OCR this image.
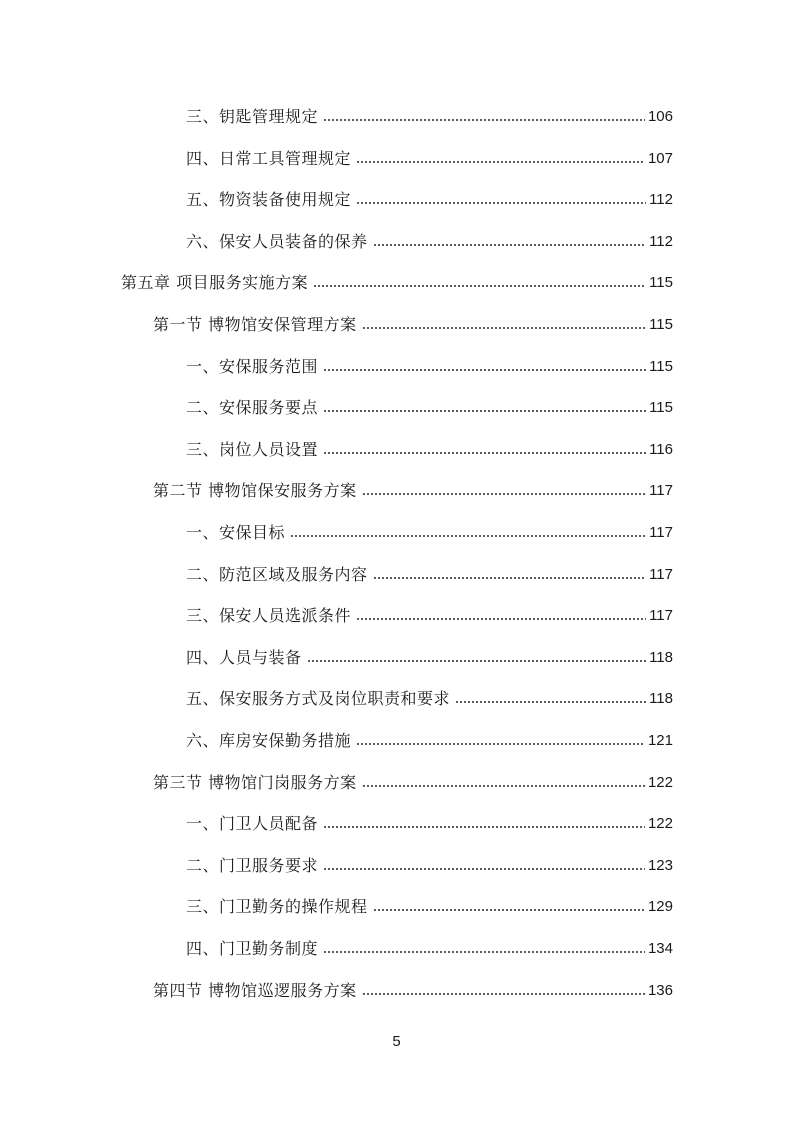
三、钥匙管理规定	106
四、日常工具管理规定	107
五、物资装备使用规定	112
六、保安人员装备的保养	112
第五章 项目服务实施方案	115
第一节 博物馆安保管理方案	115
一、安保服务范围	115
二、安保服务要点	115
三、岗位人员设置	116
第二节 博物馆保安服务方案	117
一、安保目标	117
二、防范区域及服务内容	117
三、保安人员选派条件	117
四、人员与装备	118
五、保安服务方式及岗位职责和要求	118
六、库房安保勤务措施	121
第三节 博物馆门岗服务方案	122
一、门卫人员配备	122
二、门卫服务要求	123
三、门卫勤务的操作规程	129
四、门卫勤务制度	134
第四节 博物馆巡逻服务方案	136
5
